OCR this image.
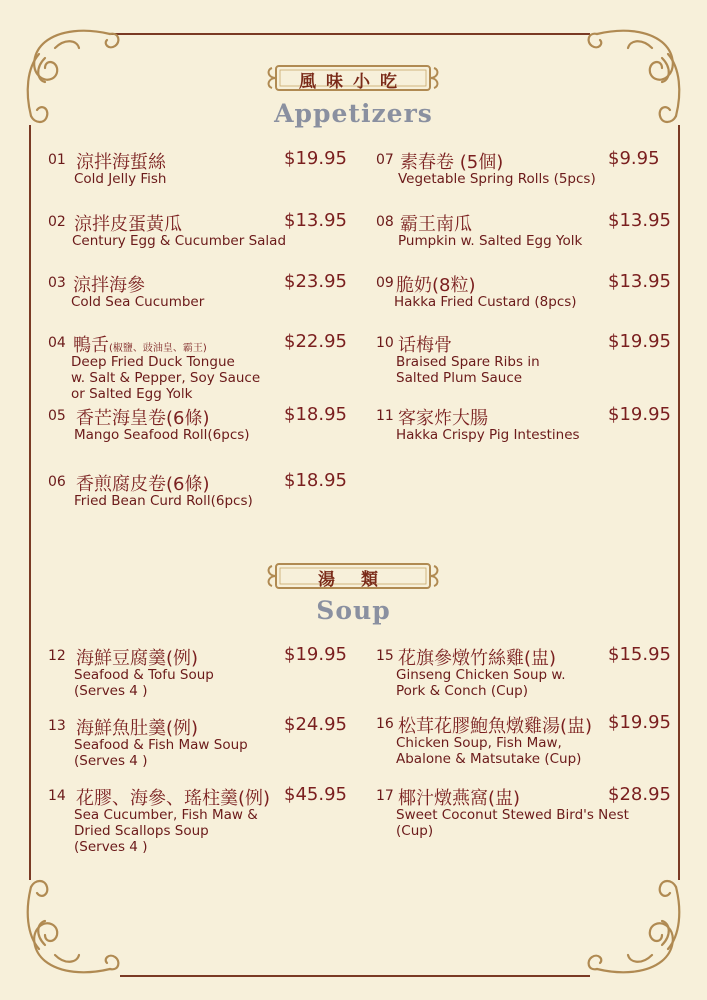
風味小吃
Appetizers
湯 類
Soup
01 涼拌海蜇絲
Cold Jelly Fish
$19.95
02 涼拌皮蛋黃瓜
Century Egg & Cucumber Salad
$13.95
03 涼拌海參
Cold Sea Cucumber
$23.95
04 鴨舌(椒鹽、豉油皇、霸王)
Deep Fried Duck Tongue
w. Salt & Pepper, Soy Sauce
or Salted Egg Yolk
$22.95
05 香芒海皇卷(6條)
Mango Seafood Roll(6pcs)
$18.95
06 香煎腐皮卷(6條)
Fried Bean Curd Roll(6pcs)
$18.95
07 素春卷 (5個)
Vegetable Spring Rolls (5pcs)
$9.95
08 霸王南瓜
Pumpkin w. Salted Egg Yolk
$13.95
09 脆奶(8粒)
Hakka Fried Custard (8pcs)
$13.95
10 话梅骨
Braised Spare Ribs in
Salted Plum Sauce
$19.95
11 客家炸大腸
Hakka Crispy Pig Intestines
$19.95
12 海鮮豆腐羹(例)
Seafood & Tofu Soup
(Serves 4 )
$19.95
13 海鮮魚肚羹(例)
Seafood & Fish Maw Soup
(Serves 4 )
$24.95
14 花膠、海參、瑤柱羹(例)
Sea Cucumber, Fish Maw &
Dried Scallops Soup
(Serves 4 )
$45.95
15 花旗參燉竹絲雞(盅)
Ginseng Chicken Soup w.
Pork & Conch (Cup)
$15.95
16 松茸花膠鮑魚燉雞湯(盅)
Chicken Soup, Fish Maw,
Abalone & Matsutake (Cup)
$19.95
17 椰汁燉燕窩(盅)
Sweet Coconut Stewed Bird's Nest
(Cup)
$28.95
